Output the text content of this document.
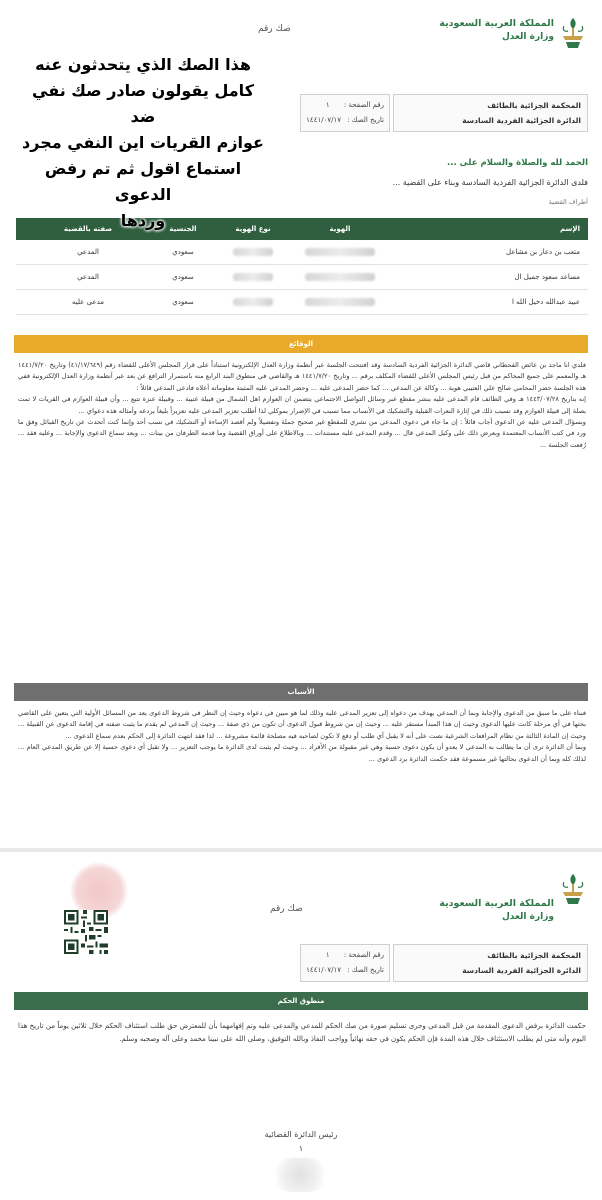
المملكة العربية السعودية
وزارة العدل
صك رقم
المحكمة الجزائية بالطائف
الدائرة الجزائية الفردية السادسة
رقم الصفحة : ١
تاريخ الصك : ١٤٤١/٠٧/١٧
الحمد لله والصلاة والسلام على ...
فلدى الدائرة الجزائية الفردية السادسة وبناء على القضية ...
أطراف القضية
الإسم
الهوية
نوع الهوية
الجنسية
صفته بالقضية
متعب بن دعار بن مشاعل
سعودي
المدعي
مساعد سعود جميل ال
سعودي
المدعي
عبيد عبدالله دخيل الله ا
سعودي
مدعى عليه
الوقائع

فلدي انا ماجد بن عائض القحطاني قاضي الدائرة الجزائية الفردية السادسة وقد افتتحت الجلسة عبر أنظمة وزارة العدل الإلكترونية استناداً على قرار المجلس الأعلى للقضاء رقم (٤١/١٧/٦٤٩) وتاريخ ١٤٤١/٧/٢٠ هـ والمعمم على جميع المحاكم من قبل رئيس المجلس الأعلى للقضاء المكلف برقم ... وتاريخ ١٤٤١/٧/٢٠ هـ والقاضي في منطوق البند الرابع منه باستمرار الترافع عن بعد عبر أنظمة وزارة العدل الإلكترونية ففي هذه الجلسة حضر المحامي صالح علي العتيبي هوية ... وكالة عن المدعي ... كما حضر المدعى عليه ... وحضر المدعى عليه المثبتة معلوماته أعلاه فادعى المدعي قائلاً :

إنه بتاريخ ١٤٤٣/٠٧/٢٨ هـ وفي الطائف قام المدعى عليه بنشر مقطع عبر وسائل التواصل الاجتماعي يتضمن ان العوازم اهل الشمال من قبيلة عتيبة ... وقبيلة عنزة تتبع ... وأن قبيلة العوازم في القريات لا تمت بصلة إلى قبيلة العوازم وقد تسبب ذلك في إثارة النعرات القبلية والتشكيك في الأنساب مما تسبب في الإضرار بموكلي لذا أطلب تعزير المدعى عليه تعزيراً بليغاً يردعه وأمثاله هذه دعواي ...

وبسؤال المدعى عليه عن الدعوى أجاب قائلاً : إن ما جاء في دعوى المدعي من نشري للمقطع غير صحيح جملة وتفصيلاً ولم أقصد الإساءة أو التشكيك في نسب أحد وإنما كنت أتحدث عن تاريخ القبائل وفق ما ورد في كتب الأنساب المعتمدة وبعرض ذلك على وكيل المدعي قال ... وقدم المدعى عليه مستندات ... وبالاطلاع على أوراق القضية وما قدمه الطرفان من بينات ... وبعد سماع الدعوى والإجابة ... وعليه فقد ... رُفعت الجلسة ...

الأسباب

فبناء على ما سبق من الدعوى والإجابة وبما أن المدعي يهدف من دعواه إلى تعزير المدعى عليه وذلك لما هو مبين في دعواه وحيث إن النظر في شروط الدعوى يعد من المسائل الأولية التي يتعين على القاضي بحثها في أي مرحلة كانت عليها الدعوى وحيث إن هذا المبدأ مستقر عليه ... وحيث إن من شروط قبول الدعوى أن تكون من ذي صفة ... وحيث إن المدعي لم يقدم ما يثبت صفته في إقامة الدعوى عن القبيلة ... وحيث إن المادة الثالثة من نظام المرافعات الشرعية نصت على أنه لا يقبل أي طلب أو دفع لا تكون لصاحبه فيه مصلحة قائمة مشروعة ... لذا فقد انتهت الدائرة إلى الحكم بعدم سماع الدعوى ...

وبما أن الدائرة ترى أن ما يطالب به المدعي لا يعدو أن يكون دعوى حسبة وهي غير مقبولة من الأفراد ... وحيث لم يثبت لدى الدائرة ما يوجب التعزير ... ولا تقبل أي دعوى حسبة إلا عن طريق المدعي العام ... لذلك كله وبما أن الدعوى بحالتها غير مسموعة فقد حكمت الدائرة برد الدعوى ...

هذا الصك الذي يتحدثون عنه
كامل يقولون صادر صك نفي ضد
عوازم القريات اين النفي مجرد
استماع اقول ثم تم رفض الدعوى
وردها
المملكة العربية السعودية
وزارة العدل
صك رقم
المحكمة الجزائية بالطائف
الدائرة الجزائية الفردية السادسة
رقم الصفحة : ١
تاريخ الصك : ١٤٤١/٠٧/١٧
منطوق الحكم
حكمت الدائرة برفض الدعوى المقدمة من قبل المدعي وجرى تسليم صورة من صك الحكم للمدعي والمدعى عليه وتم إفهامهما بأن للمعترض حق طلب استئناف الحكم خلال ثلاثين يوماً من تاريخ هذا اليوم وأنه متى لم يطلب الاستئناف خلال هذه المدة فإن الحكم يكون في حقه نهائياً وواجب النفاذ وبالله التوفيق، وصلى الله على نبينا محمد وعلى آله وصحبه وسلم.
رئيس الدائرة القضائية
١
